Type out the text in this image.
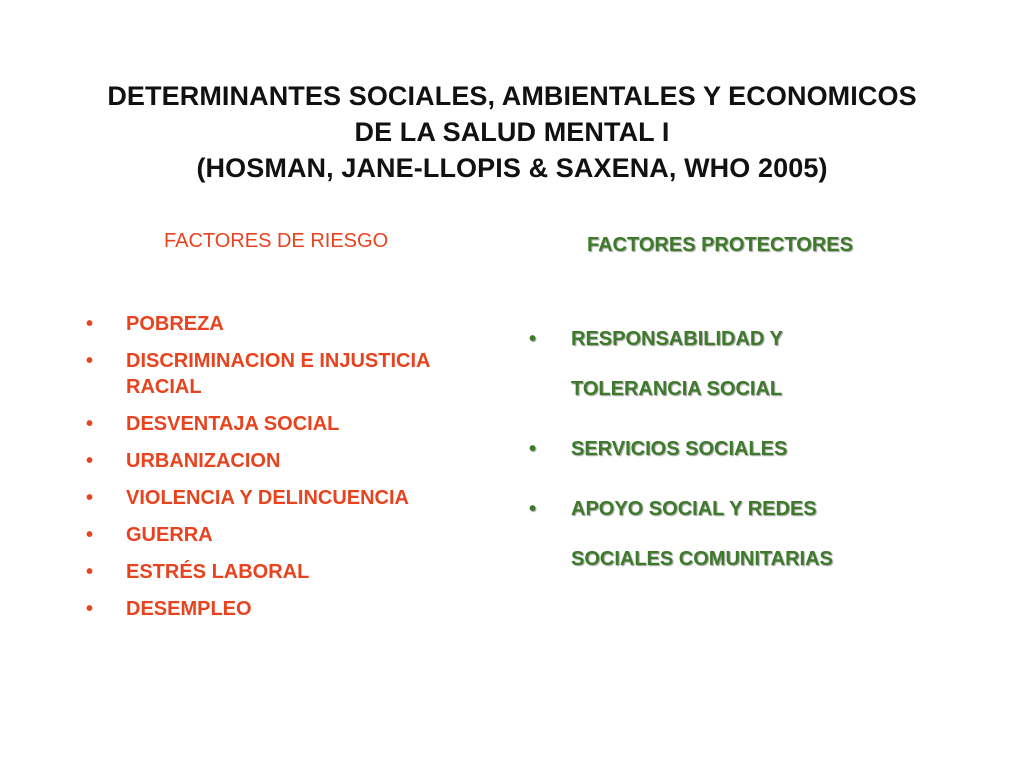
DETERMINANTES SOCIALES, AMBIENTALES Y ECONOMICOS
DE LA SALUD MENTAL I
(HOSMAN, JANE-LLOPIS & SAXENA, WHO 2005)
FACTORES DE RIESGO
• POBREZA
• DISCRIMINACION E INJUSTICIA RACIAL
• DESVENTAJA SOCIAL
• URBANIZACION
• VIOLENCIA Y DELINCUENCIA
• GUERRA
• ESTRÉS LABORAL
• DESEMPLEO
FACTORES PROTECTORES
• RESPONSABILIDAD Y
TOLERANCIA SOCIAL
• SERVICIOS SOCIALES
• APOYO SOCIAL Y REDES
SOCIALES COMUNITARIAS
